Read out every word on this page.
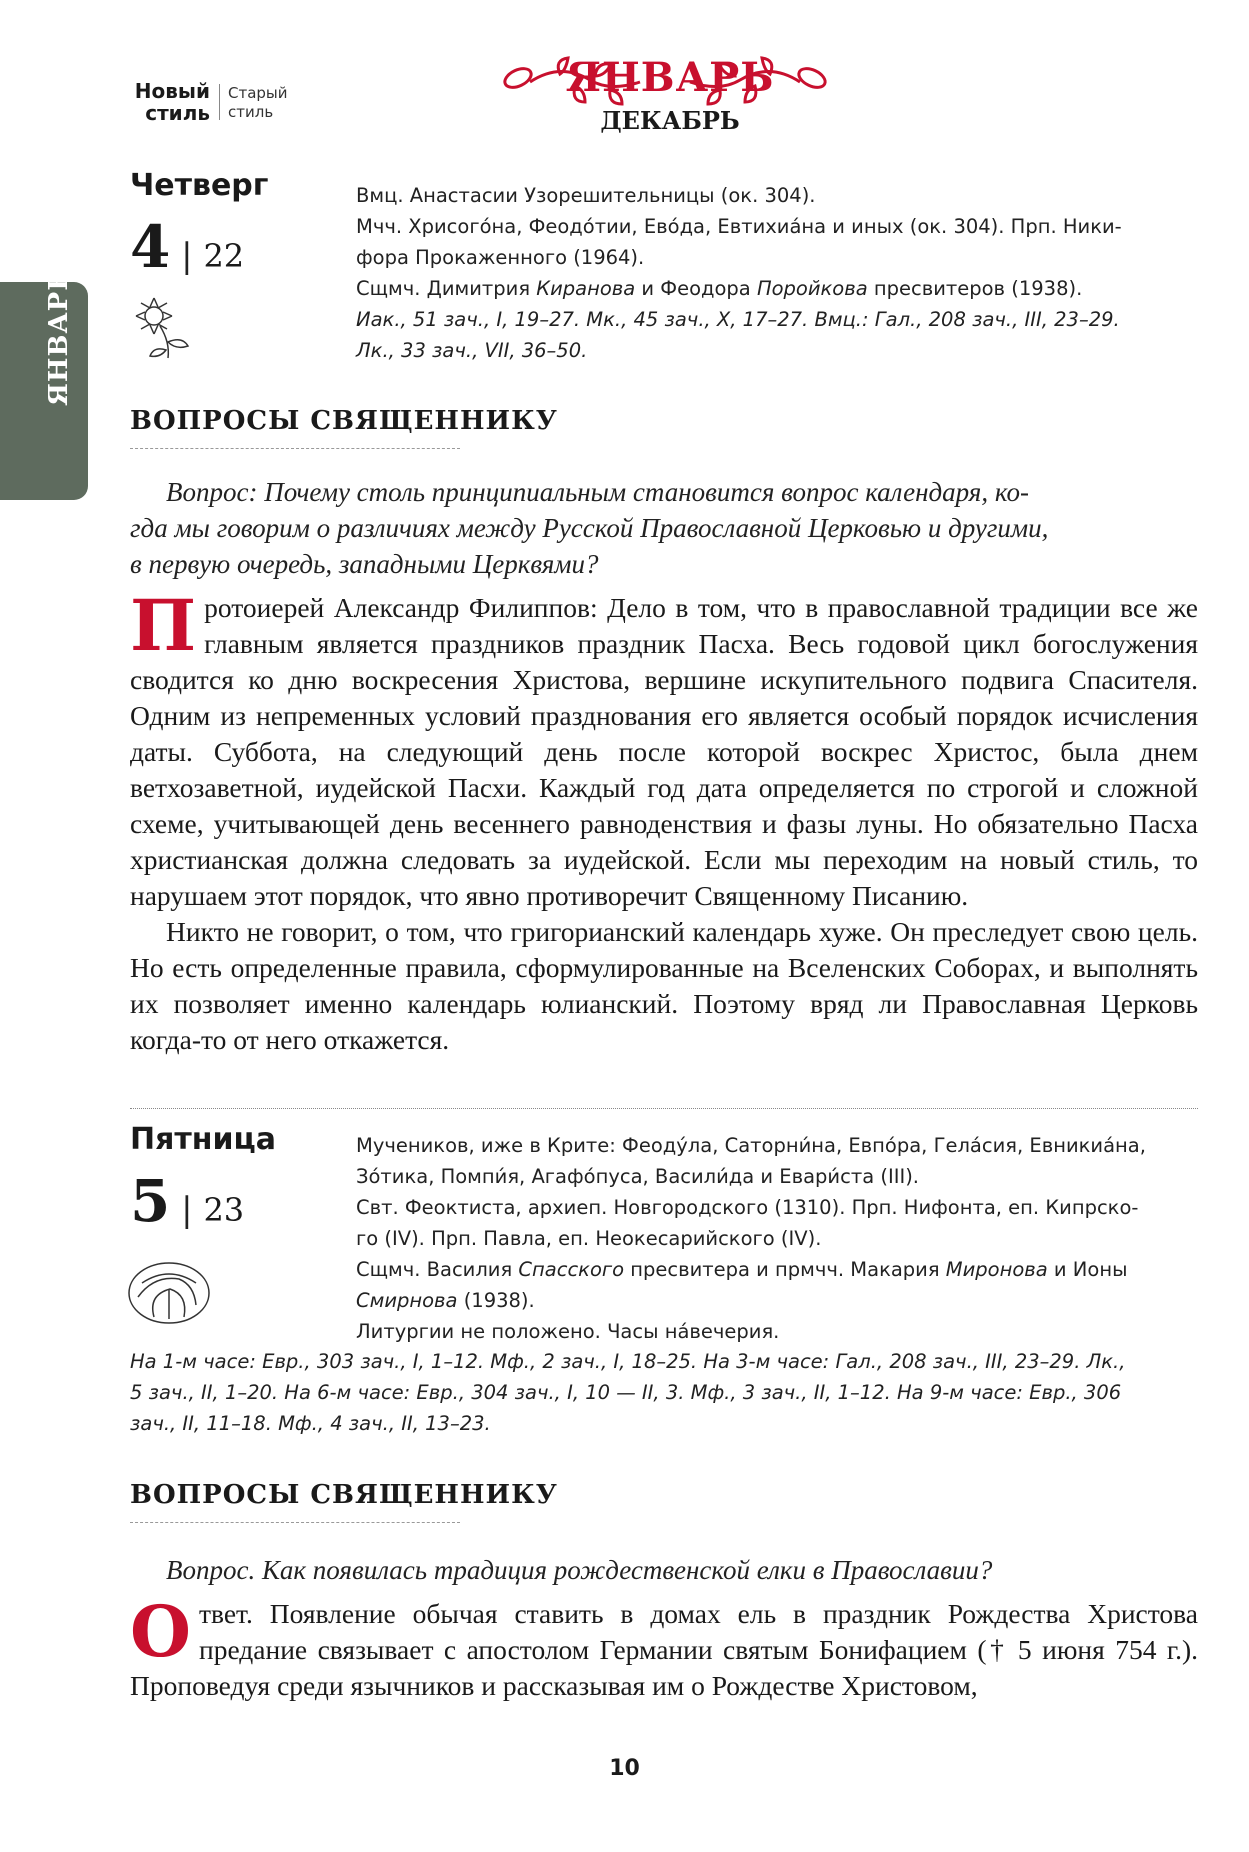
Новый
стиль
Старый
стиль
ЯНВАРЬ
ДЕКАБРЬ
ЯНВАРЬ
Четверг
4 | 22

Вмц. Анастасии Узорешительницы (ок. 304).

Мчч. Хрисого́на, Феодо́тии, Ево́да, Евтихиа́на и иных (ок. 304). Прп. Ники-

фора Прокаженного (1964).

Сщмч. Димитрия Киранова и Феодора Поройкова пресвитеров (1938).

Иак., 51 зач., I, 19–27. Мк., 45 зач., Х, 17–27. Вмц.: Гал., 208 зач., III, 23–29.

Лк., 33 зач., VII, 36–50.

ВОПРОСЫ СВЯЩЕННИКУ
Вопрос: Почему столь принципиальным становится вопрос календаря, ко-
гда мы говорим о различиях между Русской Православной Церковью и другими,
в первую очередь, западными Церквями?

Протоиерей Александр Филиппов: Дело в том, что в православной традиции все же главным является праздников праздник Пасха. Весь годовой цикл богослужения сводится ко дню воскресения Христова, вершине искупительного подвига Спасителя. Одним из непременных условий празднования его является особый порядок исчисления даты. Суббота, на следующий день после которой воскрес Христос, была днем ветхозаветной, иудейской Пасхи. Каждый год дата определяется по строгой и сложной схеме, учитывающей день весеннего равноденствия и фазы луны. Но обязательно Пасха христианская должна следовать за иудейской. Если мы переходим на новый стиль, то нарушаем этот порядок, что явно противоречит Священному Писанию.

Никто не говорит, о том, что григорианский календарь хуже. Он преследует свою цель. Но есть определенные правила, сформулированные на Вселенских Соборах, и выполнять их позволяет именно календарь юлианский. Поэтому вряд ли Православная Церковь когда-то от него откажется.

Пятница
5 | 23

Мучеников, иже в Крите: Феоду́ла, Саторни́на, Евпо́ра, Гела́сия, Евникиа́на,

Зо́тика, Помпи́я, Агафо́пуса, Васили́да и Евари́ста (III).

Свт. Феоктиста, архиеп. Новгородского (1310). Прп. Нифонта, еп. Кипрско-

го (IV). Прп. Павла, еп. Неокесарийского (IV).

Сщмч. Василия Спасского пресвитера и прмчч. Макария Миронова и Ионы

Смирнова (1938).

Литургии не положено. Часы на́вечерия.

На 1-м часе: Евр., 303 зач., I, 1–12. Мф., 2 зач., I, 18–25. На 3-м часе: Гал., 208 зач., III, 23–29. Лк.,
5 зач., II, 1–20. На 6-м часе: Евр., 304 зач., I, 10 — II, 3. Мф., 3 зач., II, 1–12. На 9-м часе: Евр., 306
зач., II, 11–18. Мф., 4 зач., II, 13–23.
ВОПРОСЫ СВЯЩЕННИКУ
Вопрос. Как появилась традиция рождественской елки в Православии?

Ответ. Появление обычая ставить в домах ель в праздник Рождества Христова предание связывает с апостолом Германии святым Бонифацием († 5 июня 754 г.). Проповедуя среди язычников и рассказывая им о Рождестве Христовом,

10
